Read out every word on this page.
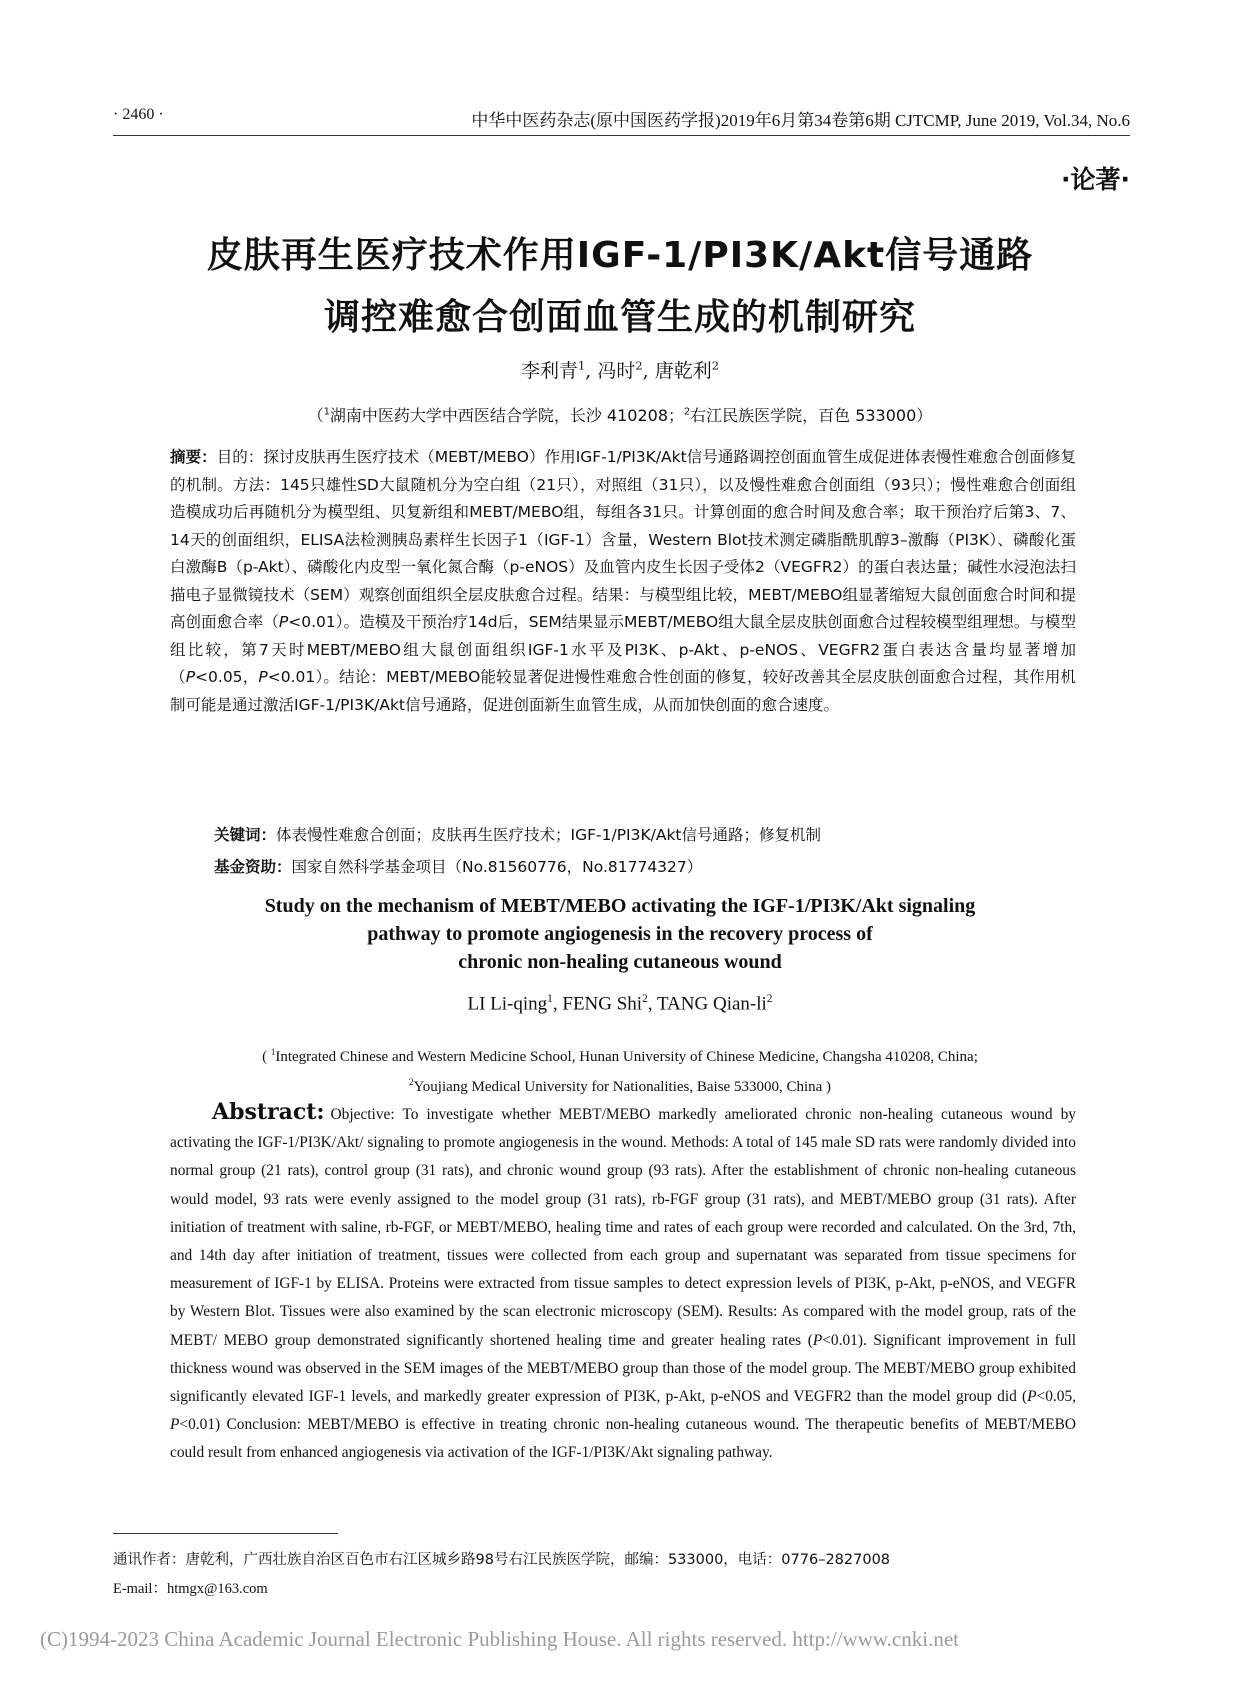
· 2460 ·	中华中医药杂志(原中国医药学报)2019年6月第34卷第6期 CJTCMP, June 2019, Vol.34, No.6
·论著·
皮肤再生医疗技术作用IGF-1/PI3K/Akt信号通路
调控难愈合创面血管生成的机制研究
李利青$^1$, 冯时$^2$, 唐乾利$^2$
（$^1$湖南中医药大学中西医结合学院，长沙 410208；$^2$右江民族医学院，百色 533000）
摘要：目的：探讨皮肤再生医疗技术（MEBT/MEBO）作用IGF-1/PI3K/Akt信号通路调控创面血管生成促进体表慢性难愈合创面修复的机制。方法：145只雄性SD大鼠随机分为空白组（21只），对照组（31只），以及慢性难愈合创面组（93只）；慢性难愈合创面组造模成功后再随机分为模型组、贝复新组和MEBT/MEBO组，每组各31只。计算创面的愈合时间及愈合率；取干预治疗后第3、7、14天的创面组织，ELISA法检测胰岛素样生长因子1（IGF-1）含量，Western Blot技术测定磷脂酰肌醇3–激酶（PI3K）、磷酸化蛋白激酶B（p-Akt）、磷酸化内皮型一氧化氮合酶（p-eNOS）及血管内皮生长因子受体2（VEGFR2）的蛋白表达量；碱性水浸泡法扫描电子显微镜技术（SEM）观察创面组织全层皮肤愈合过程。结果：与模型组比较，MEBT/MEBO组显著缩短大鼠创面愈合时间和提高创面愈合率（P<0.01）。造模及干预治疗14d后，SEM结果显示MEBT/MEBO组大鼠全层皮肤创面愈合过程较模型组理想。与模型组比较，第7天时MEBT/MEBO组大鼠创面组织IGF-1水平及PI3K、p-Akt、p-eNOS、VEGFR2蛋白表达含量均显著增加（P<0.05，P<0.01）。结论：MEBT/MEBO能较显著促进慢性难愈合性创面的修复，较好改善其全层皮肤创面愈合过程，其作用机制可能是通过激活IGF-1/PI3K/Akt信号通路，促进创面新生血管生成，从而加快创面的愈合速度。
关键词：体表慢性难愈合创面；皮肤再生医疗技术；IGF-1/PI3K/Akt信号通路；修复机制
基金资助：国家自然科学基金项目（No.81560776，No.81774327）
Study on the mechanism of MEBT/MEBO activating the IGF-1/PI3K/Akt signaling
pathway to promote angiogenesis in the recovery process of
chronic non-healing cutaneous wound
LI Li-qing$^1$, FENG Shi$^2$, TANG Qian-$li^2$
( $^1$Integrated Chinese and Western Medicine School, Hunan University of Chinese Medicine, Changsha 410208, China;
$^2$Youjiang Medical University for Nationalities, Baise 533000, China )
Abstract: Objective: To investigate whether MEBT/MEBO markedly ameliorated chronic non-healing cutaneous wound by activating the IGF-1/PI3K/Akt/ signaling to promote angiogenesis in the wound. Methods: A total of 145 male SD rats were randomly divided into normal group (21 rats), control group (31 rats), and chronic wound group (93 rats). After the establishment of chronic non-healing cutaneous would model, 93 rats were evenly assigned to the model group (31 rats), rb-FGF group (31 rats), and MEBT/MEBO group (31 rats). After initiation of treatment with saline, rb-FGF, or MEBT/MEBO, healing time and rates of each group were recorded and calculated. On the 3rd, 7th, and 14th day after initiation of treatment, tissues were collected from each group and supernatant was separated from tissue specimens for measurement of IGF-1 by ELISA. Proteins were extracted from tissue samples to detect expression levels of PI3K, p-Akt, p-eNOS, and VEGFR by Western Blot. Tissues were also examined by the scan electronic microscopy (SEM). Results: As compared with the model group, rats of the MEBT/ MEBO group demonstrated significantly shortened healing time and greater healing rates (P<0.01). Significant improvement in full thickness wound was observed in the SEM images of the MEBT/MEBO group than those of the model group. The MEBT/MEBO group exhibited significantly elevated IGF-1 levels, and markedly greater expression of PI3K, p-Akt, p-eNOS and VEGFR2 than the model group did (P<0.05, P<0.01) Conclusion: MEBT/MEBO is effective in treating chronic non-healing cutaneous wound. The therapeutic benefits of MEBT/MEBO could result from enhanced angiogenesis via activation of the IGF-1/PI3K/Akt signaling pathway.
通讯作者：唐乾利，广西壮族自治区百色市右江区城乡路98号右江民族医学院，邮编：533000，电话：0776–2827008
E-mail：htmgx@163.com
(C)1994-2023 China Academic Journal Electronic Publishing House. All rights reserved. http://www.cnki.net
